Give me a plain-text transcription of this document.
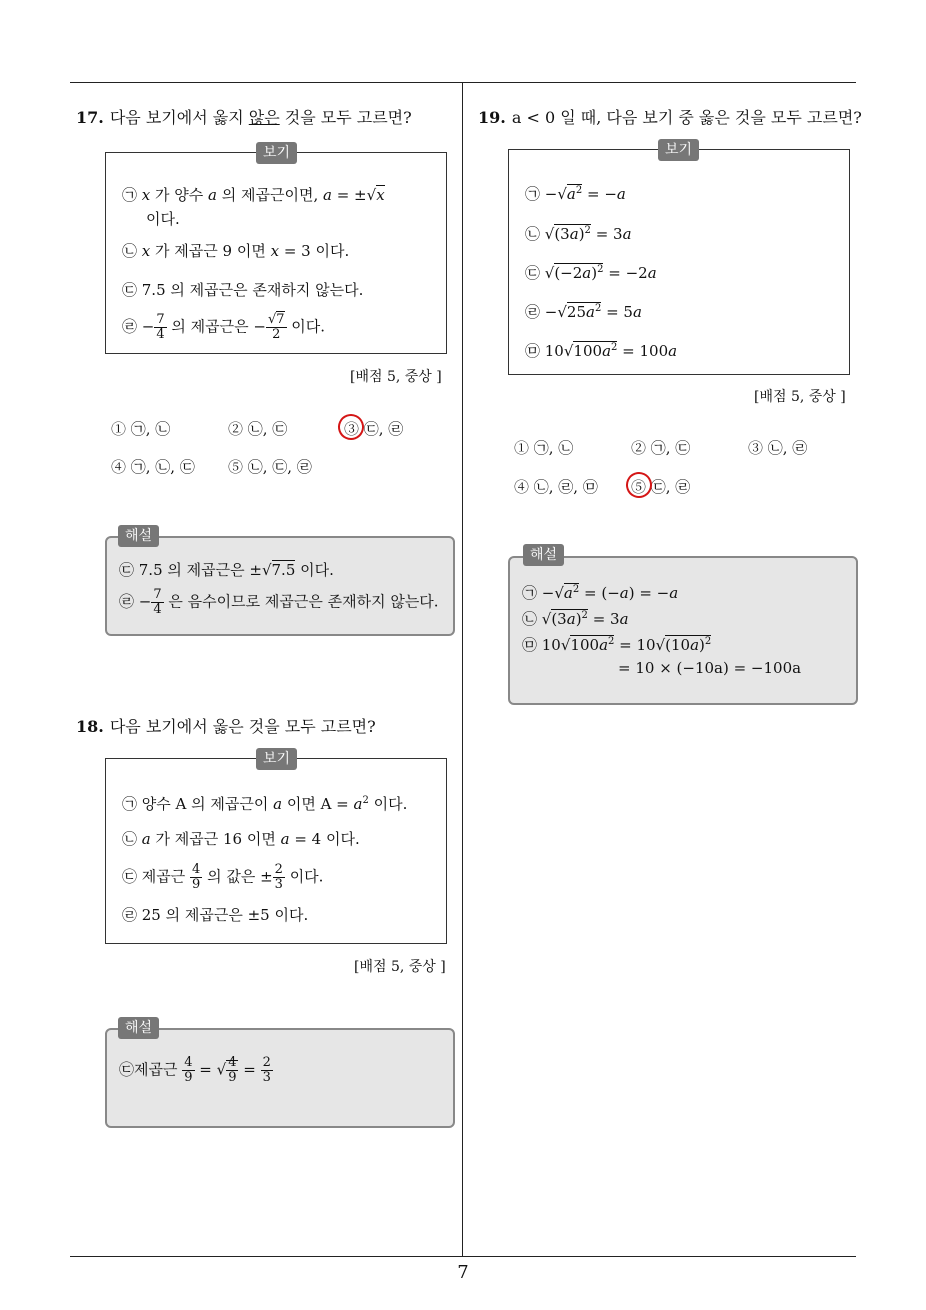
17. 다음 보기에서 옳지 않은 것을 모두 고르면?
㉠ x 가 양수 a 의 제곱근이면, a = ±√x
이다.
㉡ x 가 제곱근 9 이면 x = 3 이다.
㉢ 7.5 의 제곱근은 존재하지 않는다.
㉣ − $\frac{7}{4}$ 의 제곱근은 − $\frac{√7}{2}$ 이다.
보기
[배점 5, 중상 ]
① ㉠, ㉡	② ㉡, ㉢	③ ㉢, ㉣
④ ㉠, ㉡, ㉢ ⑤ ㉡, ㉢, ㉣
㉢ 7.5 의 제곱근은 ±√7.5 이다.
㉣ − $\frac{7}{4}$ 은 음수이므로 제곱근은 존재하지 않는다.
해설
18. 다음 보기에서 옳은 것을 모두 고르면?
㉠ 양수 A 의 제곱근이 a 이면 $A = a^2$ 이다.
㉡ a 가 제곱근 16 이면 a = 4 이다.
㉢ 제곱근 $\frac{4}{9}$ 의 값은 ± $\frac{2}{3}$ 이다.
㉣ 25 의 제곱근은 ±5 이다.
보기
[배점 5, 중상 ]
㉢제곱근 $\frac{4}{9}$ = √ $\frac{4}{9} = \frac{2}{3}$
해설
19. a < 0 일 때, 다음 보기 중 옳은 것을 모두 고르면?
㉠ $-√a^2 = -a$
㉡ $√(3a)^2 = 3a$
㉢ $√(-2a)^2 = -2a$
㉣ $-√25a^2 = 5a$
㉤ $10√100a^2 = 100a$
보기
[배점 5, 중상 ]
① ㉠, ㉡	② ㉠, ㉢	③ ㉡, ㉣
④ ㉡, ㉣, ㉤ ⑤ ㉢, ㉣
㉠ $-√a^2 = (-a) = -a$
㉡ $√(3a)^2 = 3a$
㉤ $10√100a^2 = 10√(10a)^2$
= 10 × (−10a) = −100a
해설
7
